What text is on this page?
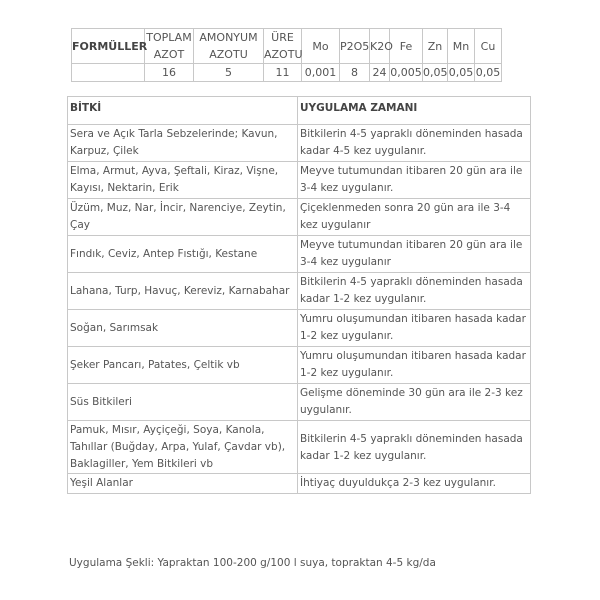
FORMÜLLER	TOPLAM AZOT	AMONYUM AZOTU	ÜRE AZOTU	Mo	P2O5	K2O	Fe	Zn	Mn	Cu
	16	5	11	0,001	8	24	0,005	0,05	0,05	0,05
BİTKİ	UYGULAMA ZAMANI
Sera ve Açık Tarla Sebzelerinde; Kavun, Karpuz, Çilek	Bitkilerin 4-5 yapraklı döneminden hasada kadar 4-5 kez uygulanır.
Elma, Armut, Ayva, Şeftali, Kiraz, Vişne, Kayısı, Nektarin, Erik	Meyve tutumundan itibaren 20 gün ara ile 3-4 kez uygulanır.
Üzüm, Muz, Nar, İncir, Narenciye, Zeytin, Çay	Çiçeklenmeden sonra 20 gün ara ile 3-4 kez uygulanır
Fındık, Ceviz, Antep Fıstığı, Kestane	Meyve tutumundan itibaren 20 gün ara ile 3-4 kez uygulanır
Lahana, Turp, Havuç, Kereviz, Karnabahar	Bitkilerin 4-5 yapraklı döneminden hasada kadar 1-2 kez uygulanır.
Soğan, Sarımsak	Yumru oluşumundan itibaren hasada kadar 1-2 kez uygulanır.
Şeker Pancarı, Patates, Çeltik vb	Yumru oluşumundan itibaren hasada kadar 1-2 kez uygulanır.
Süs Bitkileri	Gelişme döneminde 30 gün ara ile 2-3 kez uygulanır.
Pamuk, Mısır, Ayçiçeği, Soya, Kanola, Tahıllar (Buğday, Arpa, Yulaf, Çavdar vb), Baklagiller, Yem Bitkileri vb	Bitkilerin 4-5 yapraklı döneminden hasada kadar 1-2 kez uygulanır.
Yeşil Alanlar	İhtiyaç duyuldukça 2-3 kez uygulanır.
Uygulama Şekli: Yapraktan 100-200 g/100 l suya, topraktan 4-5 kg/da
